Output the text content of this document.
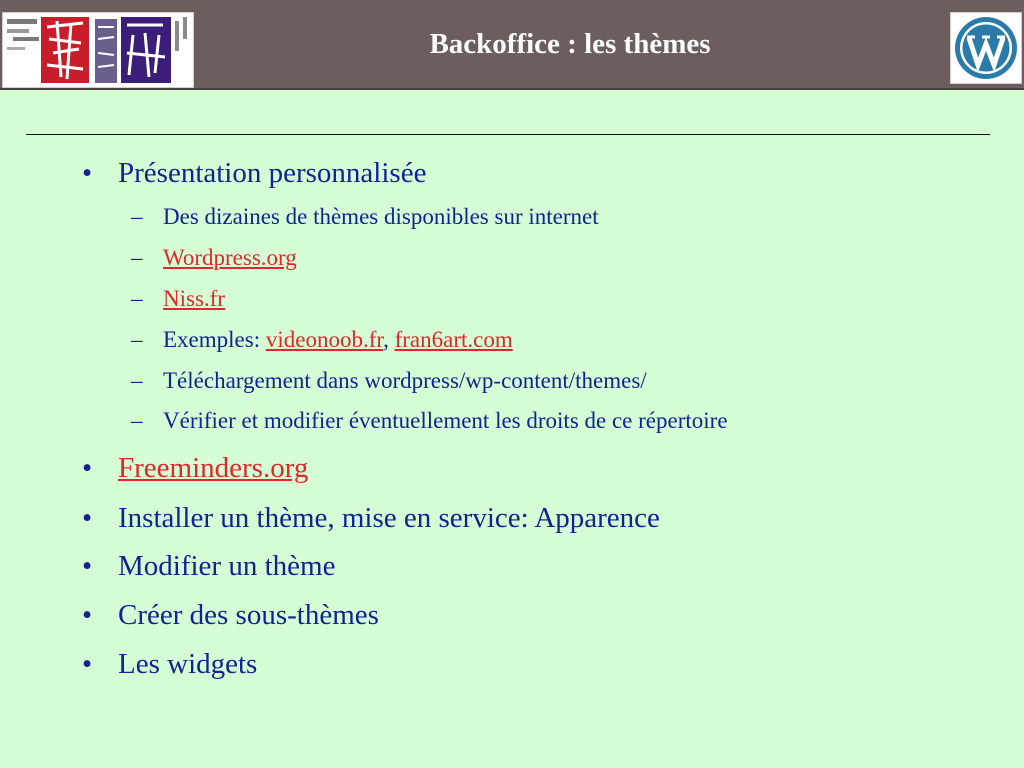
Backoffice : les thèmes
• Présentation personnalisée
– Des dizaines de thèmes disponibles sur internet
– Wordpress.org
– Niss.fr
– Exemples: videonoob.fr, fran6art.com
– Téléchargement dans wordpress/wp-content/themes/
– Vérifier et modifier éventuellement les droits de ce répertoire
• Freeminders.org
• Installer un thème, mise en service: Apparence
• Modifier un thème
• Créer des sous-thèmes
• Les widgets
